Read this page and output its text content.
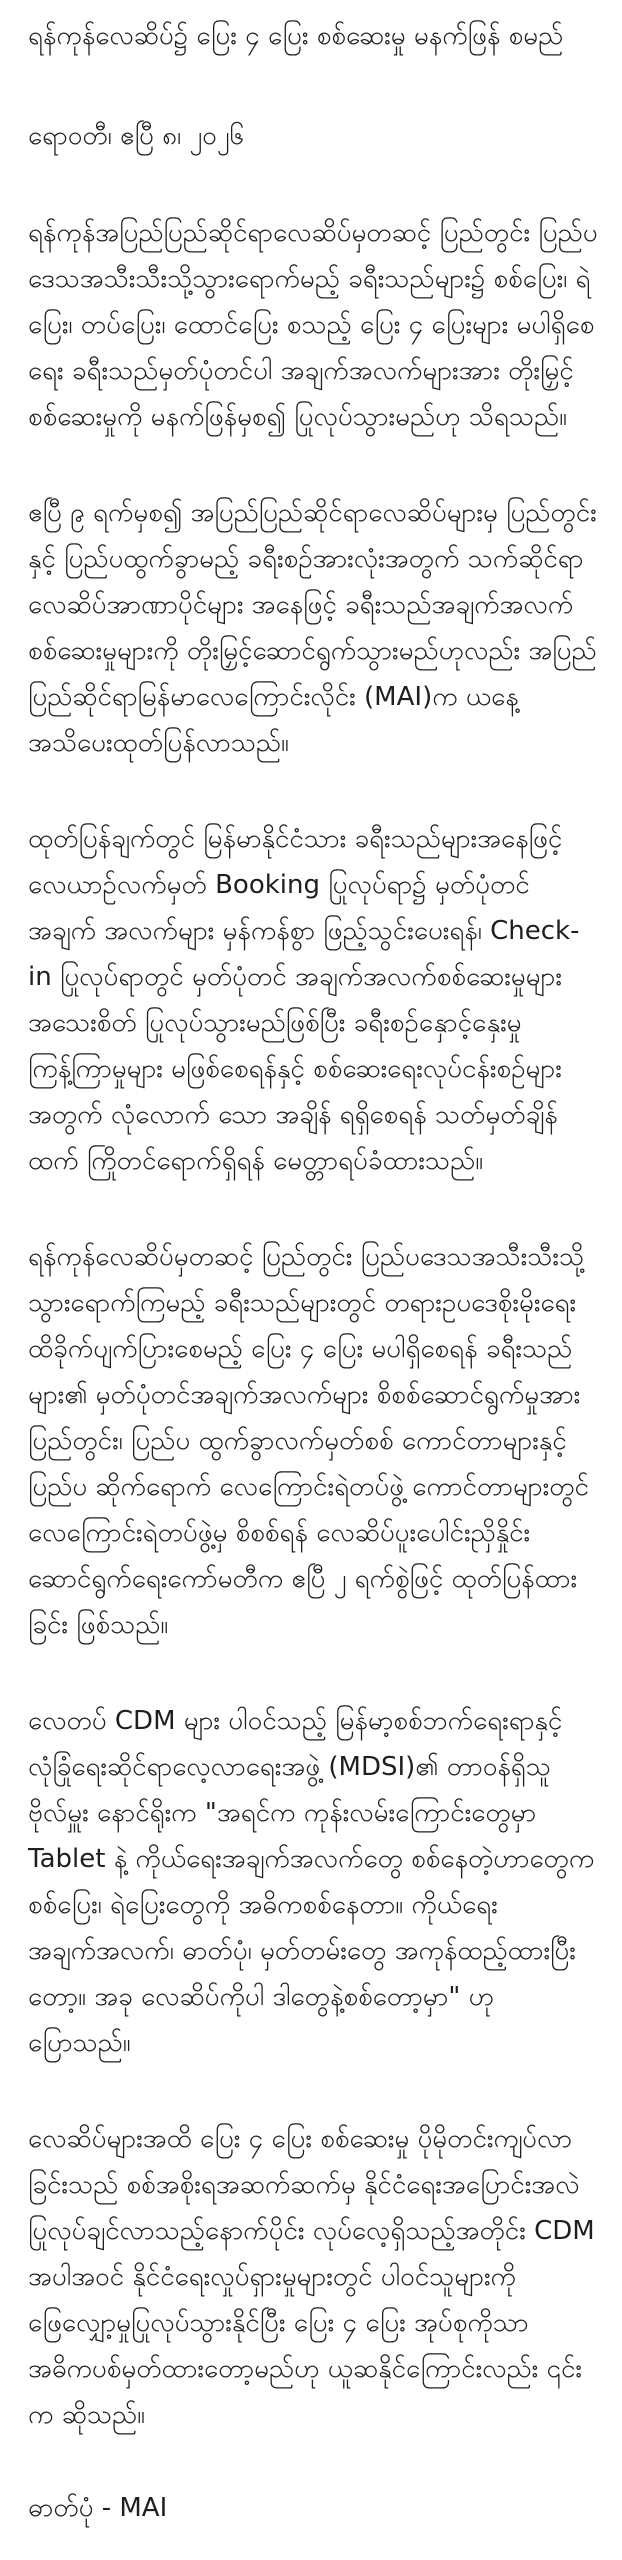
ရန်ကုန်လေဆိပ်၌ ပြေး ၄ ပြေး စစ်ဆေးမှု မနက်ဖြန် စမည်

ရောဝတီ၊ ဧပြီ ၈၊ ၂၀၂၆

ရန်ကုန်အပြည်ပြည်ဆိုင်ရာလေဆိပ်မှတဆင့် ပြည်တွင်း ပြည်ပ ဒေသအသီးသီးသို့သွားရောက်မည့် ခရီးသည်များ၌ စစ်ပြေး၊ ရဲပြေး၊ တပ်ပြေး၊ ထောင်ပြေး စသည့် ပြေး ၄ ပြေးများ မပါရှိစေရေး ခရီးသည်မှတ်ပုံတင်ပါ အချက်အလက်များအား တိုးမြှင့်စစ်ဆေးမှုကို မနက်ဖြန်မှစ၍ ပြုလုပ်သွားမည်ဟု သိရသည်။

ဧပြီ ၉ ရက်မှစ၍ အပြည်ပြည်ဆိုင်ရာလေဆိပ်များမှ ပြည်တွင်းနှင့် ပြည်ပထွက်ခွာမည့် ခရီးစဉ်အားလုံးအတွက် သက်ဆိုင်ရာ လေဆိပ်အာဏာပိုင်များ အနေဖြင့် ခရီးသည်အချက်အလက် စစ်ဆေးမှုများကို တိုးမြှင့်ဆောင်ရွက်သွားမည်ဟုလည်း အပြည်ပြည်ဆိုင်ရာမြန်မာလေကြောင်းလိုင်း (MAI)က ယနေ့ အသိပေးထုတ်ပြန်လာသည်။

ထုတ်ပြန်ချက်တွင် မြန်မာနိုင်ငံသား ခရီးသည်များအနေဖြင့် လေယာဉ်လက်မှတ် Booking ပြုလုပ်ရာ၌ မှတ်ပုံတင် အချက် အလက်များ မှန်ကန်စွာ ဖြည့်သွင်းပေးရန်၊ Check-in ပြုလုပ်ရာတွင် မှတ်ပုံတင် အချက်အလက်စစ်ဆေးမှုများ အသေးစိတ် ပြုလုပ်သွားမည်ဖြစ်ပြီး ခရီးစဉ်နှောင့်နှေးမှုကြန့်ကြာမှုများ မဖြစ်စေရန်နှင့် စစ်ဆေးရေးလုပ်ငန်းစဉ်များအတွက် လုံလောက် သော အချိန် ရရှိစေရန် သတ်မှတ်ချိန်ထက် ကြိုတင်ရောက်ရှိရန် မေတ္တာရပ်ခံထားသည်။

ရန်ကုန်လေဆိပ်မှတဆင့် ပြည်တွင်း ပြည်ပဒေသအသီးသီးသို့ သွားရောက်ကြမည့် ခရီးသည်များတွင် တရားဥပဒေစိုးမိုးရေး ထိခိုက်ပျက်ပြားစေမည့် ပြေး ၄ ပြေး မပါရှိစေရန် ခရီးသည်များ၏ မှတ်ပုံတင်အချက်အလက်များ စိစစ်ဆောင်ရွက်မှုအား ပြည်တွင်း၊ ပြည်ပ ထွက်ခွာလက်မှတ်စစ် ကောင်တာများနှင့် ပြည်ပ ဆိုက်ရောက် လေကြောင်းရဲတပ်ဖွဲ့ ကောင်တာများတွင် လေကြောင်းရဲတပ်ဖွဲ့မှ စိစစ်ရန် လေဆိပ်ပူးပေါင်းညှိနှိုင်းဆောင်ရွက်ရေးကော်မတီက ဧပြီ ၂ ရက်စွဲဖြင့် ထုတ်ပြန်ထားခြင်း ဖြစ်သည်။

လေတပ် CDM များ ပါဝင်သည့် မြန်မာ့စစ်ဘက်ရေးရာနှင့်လုံခြုံရေးဆိုင်ရာလေ့လာရေးအဖွဲ့ (MDSI)၏ တာဝန်ရှိသူ ဗိုလ်မှူး နောင်ရိုးက "အရင်က ကုန်းလမ်းကြောင်းတွေမှာ Tablet နဲ့ ကိုယ်ရေးအချက်အလက်တွေ စစ်နေတဲ့ဟာတွေက စစ်ပြေး၊ ရဲပြေးတွေကို အဓိကစစ်နေတာ။ ကိုယ်ရေးအချက်အလက်၊ ဓာတ်ပုံ၊ မှတ်တမ်းတွေ အကုန်ထည့်ထားပြီးတော့။ အခု လေဆိပ်ကိုပါ ဒါတွေနဲ့စစ်တော့မှာ" ဟု ပြောသည်။

လေဆိပ်များအထိ ပြေး ၄ ပြေး စစ်ဆေးမှု ပိုမိုတင်းကျပ်လာခြင်းသည် စစ်အစိုးရအဆက်ဆက်မှ နိုင်ငံရေးအပြောင်းအလဲ ပြုလုပ်ချင်လာသည့်နောက်ပိုင်း လုပ်လေ့ရှိသည့်အတိုင်း CDM အပါအဝင် နိုင်ငံရေးလှုပ်ရှားမှုများတွင် ပါဝင်သူများကို ဖြေလျှော့မှုပြုလုပ်သွားနိုင်ပြီး ပြေး ၄ ပြေး အုပ်စုကိုသာ အဓိကပစ်မှတ်ထားတော့မည်ဟု ယူဆနိုင်ကြောင်းလည်း ၎င်းက ဆိုသည်။

ဓာတ်ပုံ - MAI
